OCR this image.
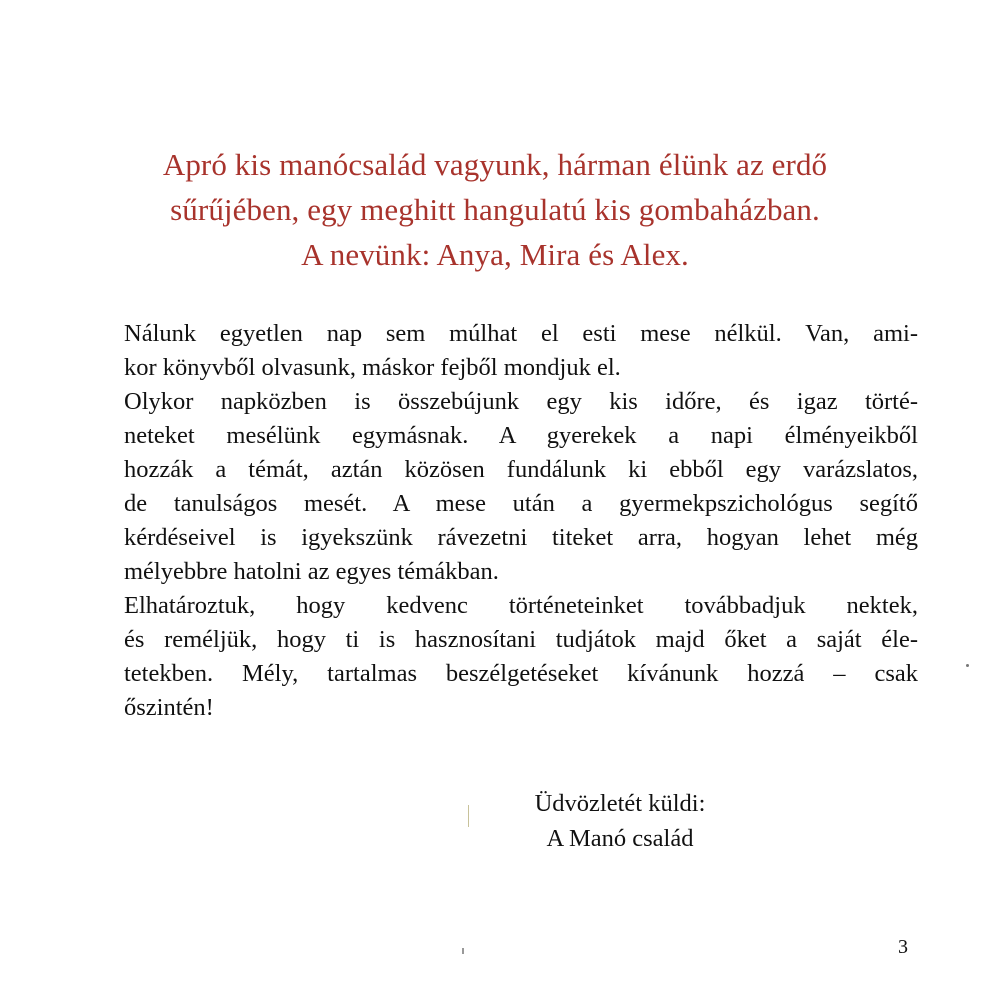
Apró kis manócsalád vagyunk, hárman élünk az erdő
sűrűjében, egy meghitt hangulatú kis gombaházban.
A nevünk: Anya, Mira és Alex.
Nálunk egyetlen nap sem múlhat el esti mese nélkül. Van, ami-
kor könyvből olvasunk, máskor fejből mondjuk el.
Olykor napközben is összebújunk egy kis időre, és igaz törté-
neteket mesélünk egymásnak. A gyerekek a napi élményeikből
hozzák a témát, aztán közösen fundálunk ki ebből egy varázslatos,
de tanulságos mesét. A mese után a gyermekpszichológus segítő
kérdéseivel is igyekszünk rávezetni titeket arra, hogyan lehet még
mélyebbre hatolni az egyes témákban.
Elhatároztuk, hogy kedvenc történeteinket továbbadjuk nektek,
és reméljük, hogy ti is hasznosítani tudjátok majd őket a saját éle-
tetekben. Mély, tartalmas beszélgetéseket kívánunk hozzá – csak
őszintén!
Üdvözletét küldi:
A Manó család
3
